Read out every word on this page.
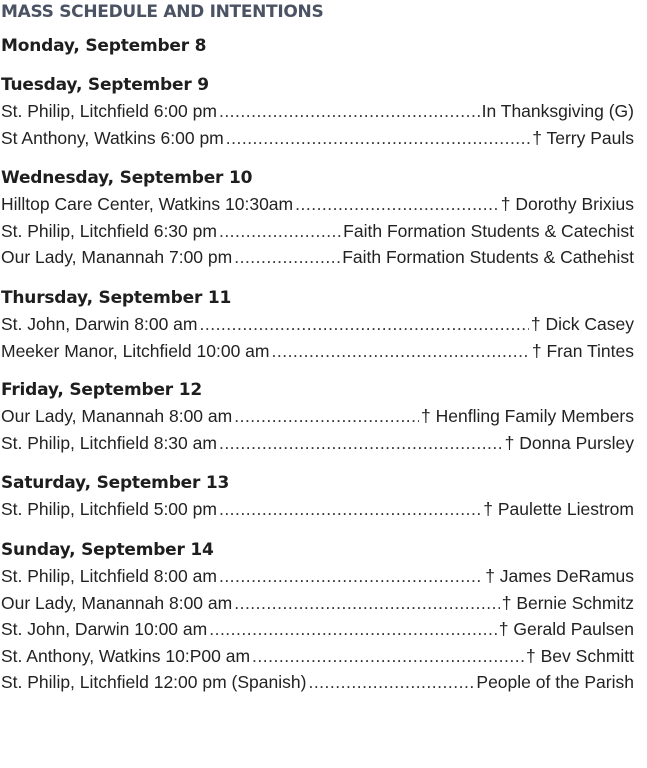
MASS SCHEDULE AND INTENTIONS
Monday, September 8
Tuesday, September 9
St. Philip, Litchfield 6:00 pm .....	In Thanksgiving (G)
St Anthony, Watkins 6:00 pm .....	† Terry Pauls
Wednesday, September 10
Hilltop Care Center, Watkins 10:30am .....	† Dorothy Brixius
St. Philip, Litchfield 6:30 pm .....	Faith Formation Students & Catechist
Our Lady, Manannah 7:00 pm .....	Faith Formation Students & Cathehist
Thursday, September 11
St. John, Darwin 8:00 am .....	† Dick Casey
Meeker Manor, Litchfield 10:00 am .....	† Fran Tintes
Friday, September 12
Our Lady, Manannah 8:00 am .....	† Henfling Family Members
St. Philip, Litchfield 8:30 am .....	† Donna Pursley
Saturday, September 13
St. Philip, Litchfield 5:00 pm .....	† Paulette Liestrom
Sunday, September 14
St. Philip, Litchfield 8:00 am .....	† James DeRamus
Our Lady, Manannah 8:00 am .....	† Bernie Schmitz
St. John, Darwin 10:00 am .....	† Gerald Paulsen
St. Anthony, Watkins 10:P00 am .....	† Bev Schmitt
St. Philip, Litchfield 12:00 pm (Spanish) .....	People of the Parish
